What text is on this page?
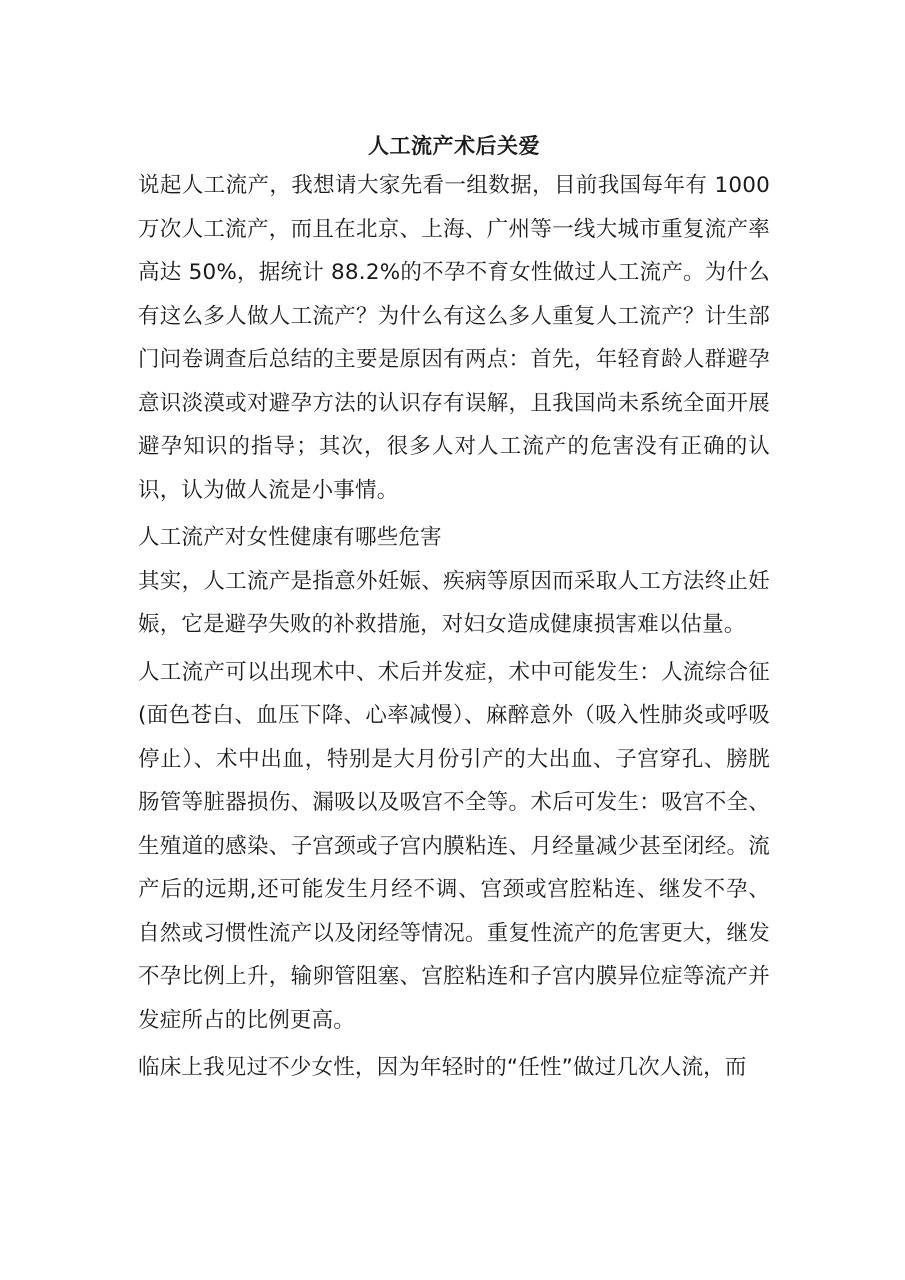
人工流产术后关爱

说起人工流产，我想请大家先看一组数据，目前我国每年有 1000 万次人工流产，而且在北京、上海、广州等一线大城市重复流产率高达 50%，据统计 88.2%的不孕不育女性做过人工流产。为什么有这么多人做人工流产？为什么有这么多人重复人工流产？计生部门问卷调查后总结的主要是原因有两点：首先，年轻育龄人群避孕意识淡漠或对避孕方法的认识存有误解，且我国尚未系统全面开展避孕知识的指导；其次，很多人对人工流产的危害没有正确的认识，认为做人流是小事情。

人工流产对女性健康有哪些危害

其实，人工流产是指意外妊娠、疾病等原因而采取人工方法终止妊娠，它是避孕失败的补救措施，对妇女造成健康损害难以估量。

人工流产可以出现术中、术后并发症，术中可能发生：人流综合征(面色苍白、血压下降、心率减慢）、麻醉意外（吸入性肺炎或呼吸停止）、术中出血，特别是大月份引产的大出血、子宫穿孔、膀胱肠管等脏器损伤、漏吸以及吸宫不全等。术后可发生：吸宫不全、生殖道的感染、子宫颈或子宫内膜粘连、月经量减少甚至闭经。流产后的远期,还可能发生月经不调、宫颈或宫腔粘连、继发不孕、自然或习惯性流产以及闭经等情况。重复性流产的危害更大，继发不孕比例上升，输卵管阻塞、宫腔粘连和子宫内膜异位症等流产并发症所占的比例更高。

临床上我见过不少女性，因为年轻时的“任性”做过几次人流，而
